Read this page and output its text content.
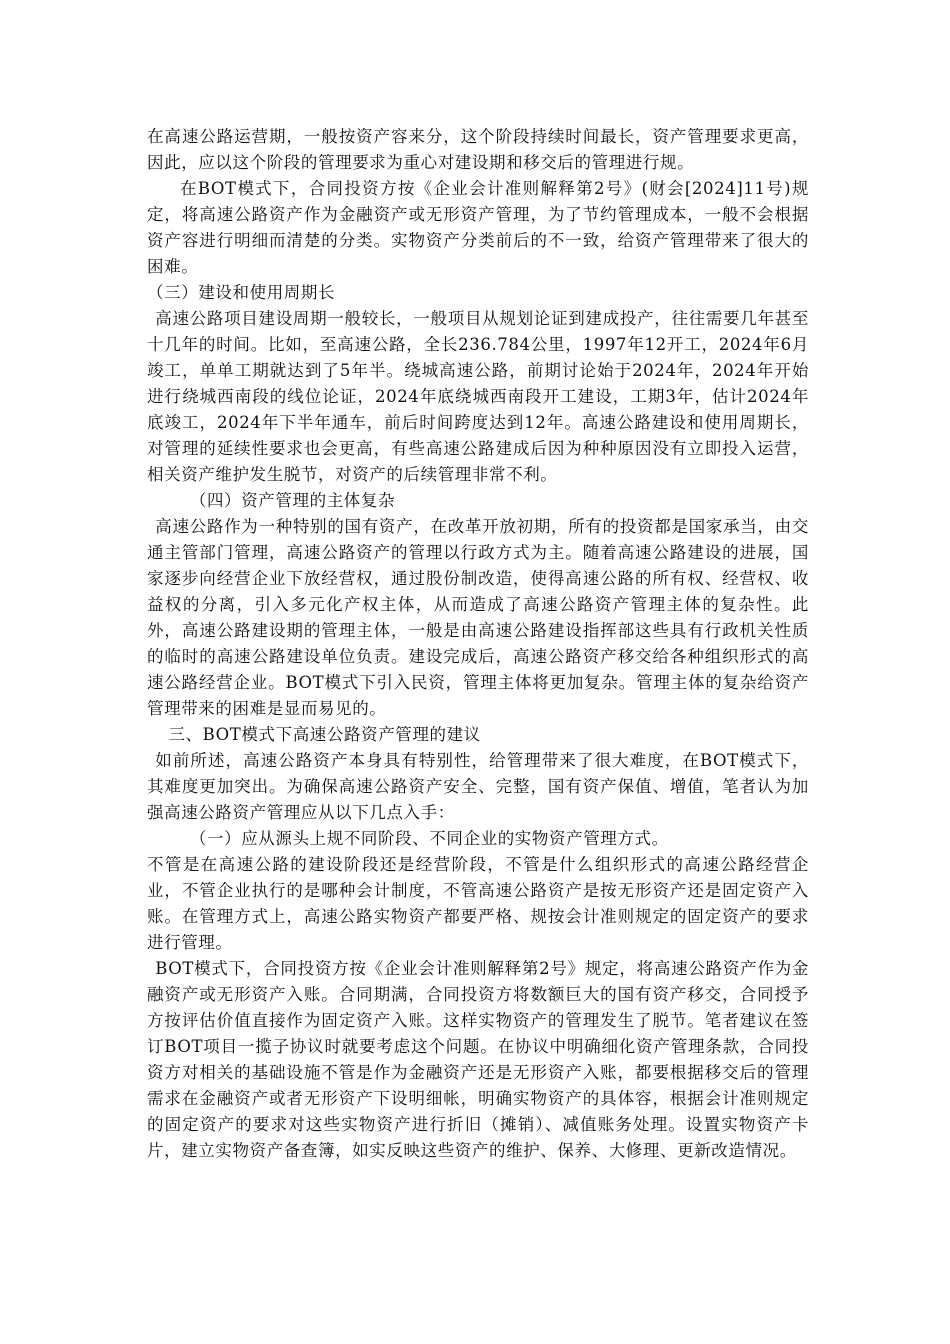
在高速公路运营期，一般按资产容来分，这个阶段持续时间最长，资产管理要求更高，因此，应以这个阶段的管理要求为重心对建设期和移交后的管理进行规。

在BOT模式下，合同投资方按《企业会计准则解释第2号》(财会[2024]11号)规定，将高速公路资产作为金融资产或无形资产管理，为了节约管理成本，一般不会根据资产容进行明细而清楚的分类。实物资产分类前后的不一致，给资产管理带来了很大的困难。

（三）建设和使用周期长

高速公路项目建设周期一般较长，一般项目从规划论证到建成投产，往往需要几年甚至十几年的时间。比如，至高速公路，全长236.784公里，1997年12开工，2024年6月竣工，单单工期就达到了5年半。绕城高速公路，前期讨论始于2024年，2024年开始进行绕城西南段的线位论证，2024年底绕城西南段开工建设，工期3年，估计2024年底竣工，2024年下半年通车，前后时间跨度达到12年。高速公路建设和使用周期长，对管理的延续性要求也会更高，有些高速公路建成后因为种种原因没有立即投入运营，相关资产维护发生脱节，对资产的后续管理非常不利。

（四）资产管理的主体复杂

高速公路作为一种特别的国有资产，在改革开放初期，所有的投资都是国家承当，由交通主管部门管理，高速公路资产的管理以行政方式为主。随着高速公路建设的进展，国家逐步向经营企业下放经营权，通过股份制改造，使得高速公路的所有权、经营权、收益权的分离，引入多元化产权主体，从而造成了高速公路资产管理主体的复杂性。此外，高速公路建设期的管理主体，一般是由高速公路建设指挥部这些具有行政机关性质的临时的高速公路建设单位负责。建设完成后，高速公路资产移交给各种组织形式的高速公路经营企业。BOT模式下引入民资，管理主体将更加复杂。管理主体的复杂给资产管理带来的困难是显而易见的。

三、BOT模式下高速公路资产管理的建议

如前所述，高速公路资产本身具有特别性，给管理带来了很大难度，在BOT模式下，其难度更加突出。为确保高速公路资产安全、完整，国有资产保值、增值，笔者认为加强高速公路资产管理应从以下几点入手：

（一）应从源头上规不同阶段、不同企业的实物资产管理方式。

不管是在高速公路的建设阶段还是经营阶段，不管是什么组织形式的高速公路经营企业，不管企业执行的是哪种会计制度，不管高速公路资产是按无形资产还是固定资产入账。在管理方式上，高速公路实物资产都要严格、规按会计准则规定的固定资产的要求进行管理。

BOT模式下，合同投资方按《企业会计准则解释第2号》规定，将高速公路资产作为金融资产或无形资产入账。合同期满，合同投资方将数额巨大的国有资产移交，合同授予方按评估价值直接作为固定资产入账。这样实物资产的管理发生了脱节。笔者建议在签订BOT项目一揽子协议时就要考虑这个问题。在协议中明确细化资产管理条款，合同投资方对相关的基础设施不管是作为金融资产还是无形资产入账，都要根据移交后的管理需求在金融资产或者无形资产下设明细帐，明确实物资产的具体容，根据会计准则规定的固定资产的要求对这些实物资产进行折旧（摊销）、减值账务处理。设置实物资产卡片，建立实物资产备查簿，如实反映这些资产的维护、保养、大修理、更新改造情况。
